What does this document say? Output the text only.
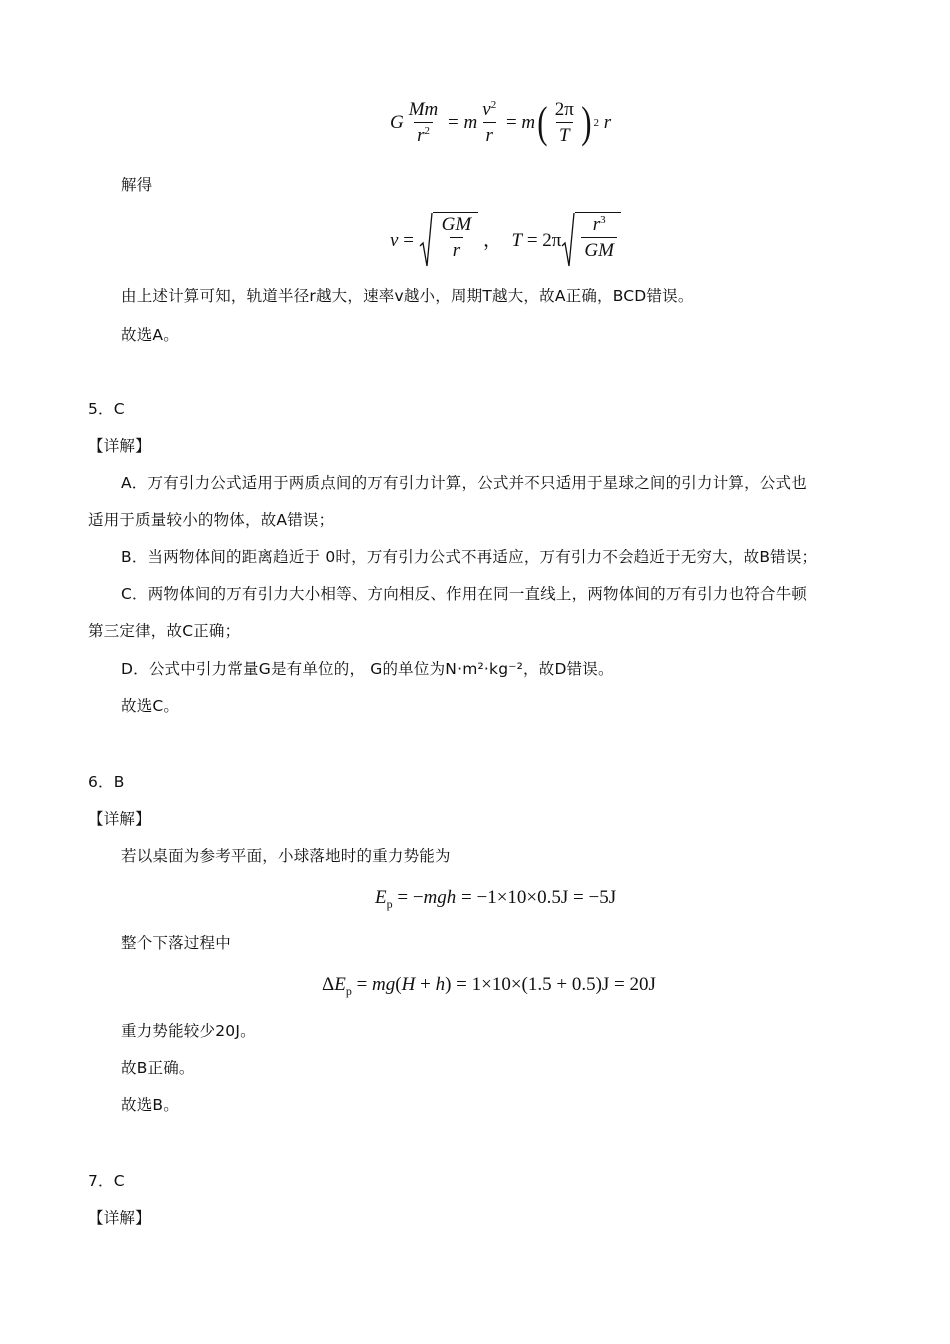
G $\frac{Mm}{r^2} = m \frac{v^2}{r} = m$ ( $\frac{2\pi}{T}$ ) 2 r
解得
$v = \frac{GM}{r}$ ， $T = 2\pi \frac{r^3}{GM}$
由上述计算可知，轨道半径r越大，速率v越小，周期T越大，故A正确，BCD错误。
故选A。
5．C
【详解】
A．万有引力公式适用于两质点间的万有引力计算，公式并不只适用于星球之间的引力计算，公式也
适用于质量较小的物体，故A错误；
B．当两物体间的距离趋近于 0时，万有引力公式不再适应，万有引力不会趋近于无穷大，故B错误；
C．两物体间的万有引力大小相等、方向相反、作用在同一直线上，两物体间的万有引力也符合牛顿
第三定律，故C正确；
D．公式中引力常量G是有单位的， G的单位为N·m²·kg⁻²，故D错误。
故选C。
6．B
【详解】
若以桌面为参考平面，小球落地时的重力势能为
$E_p = -mgh = -1\times 10\times 0.5J = -5J$
整个下落过程中
$\Delta E_p = mg(H + h) = 1\times 10\times(1.5 + 0.5)J = 20J$
重力势能较少20J。
故B正确。
故选B。
7．C
【详解】
